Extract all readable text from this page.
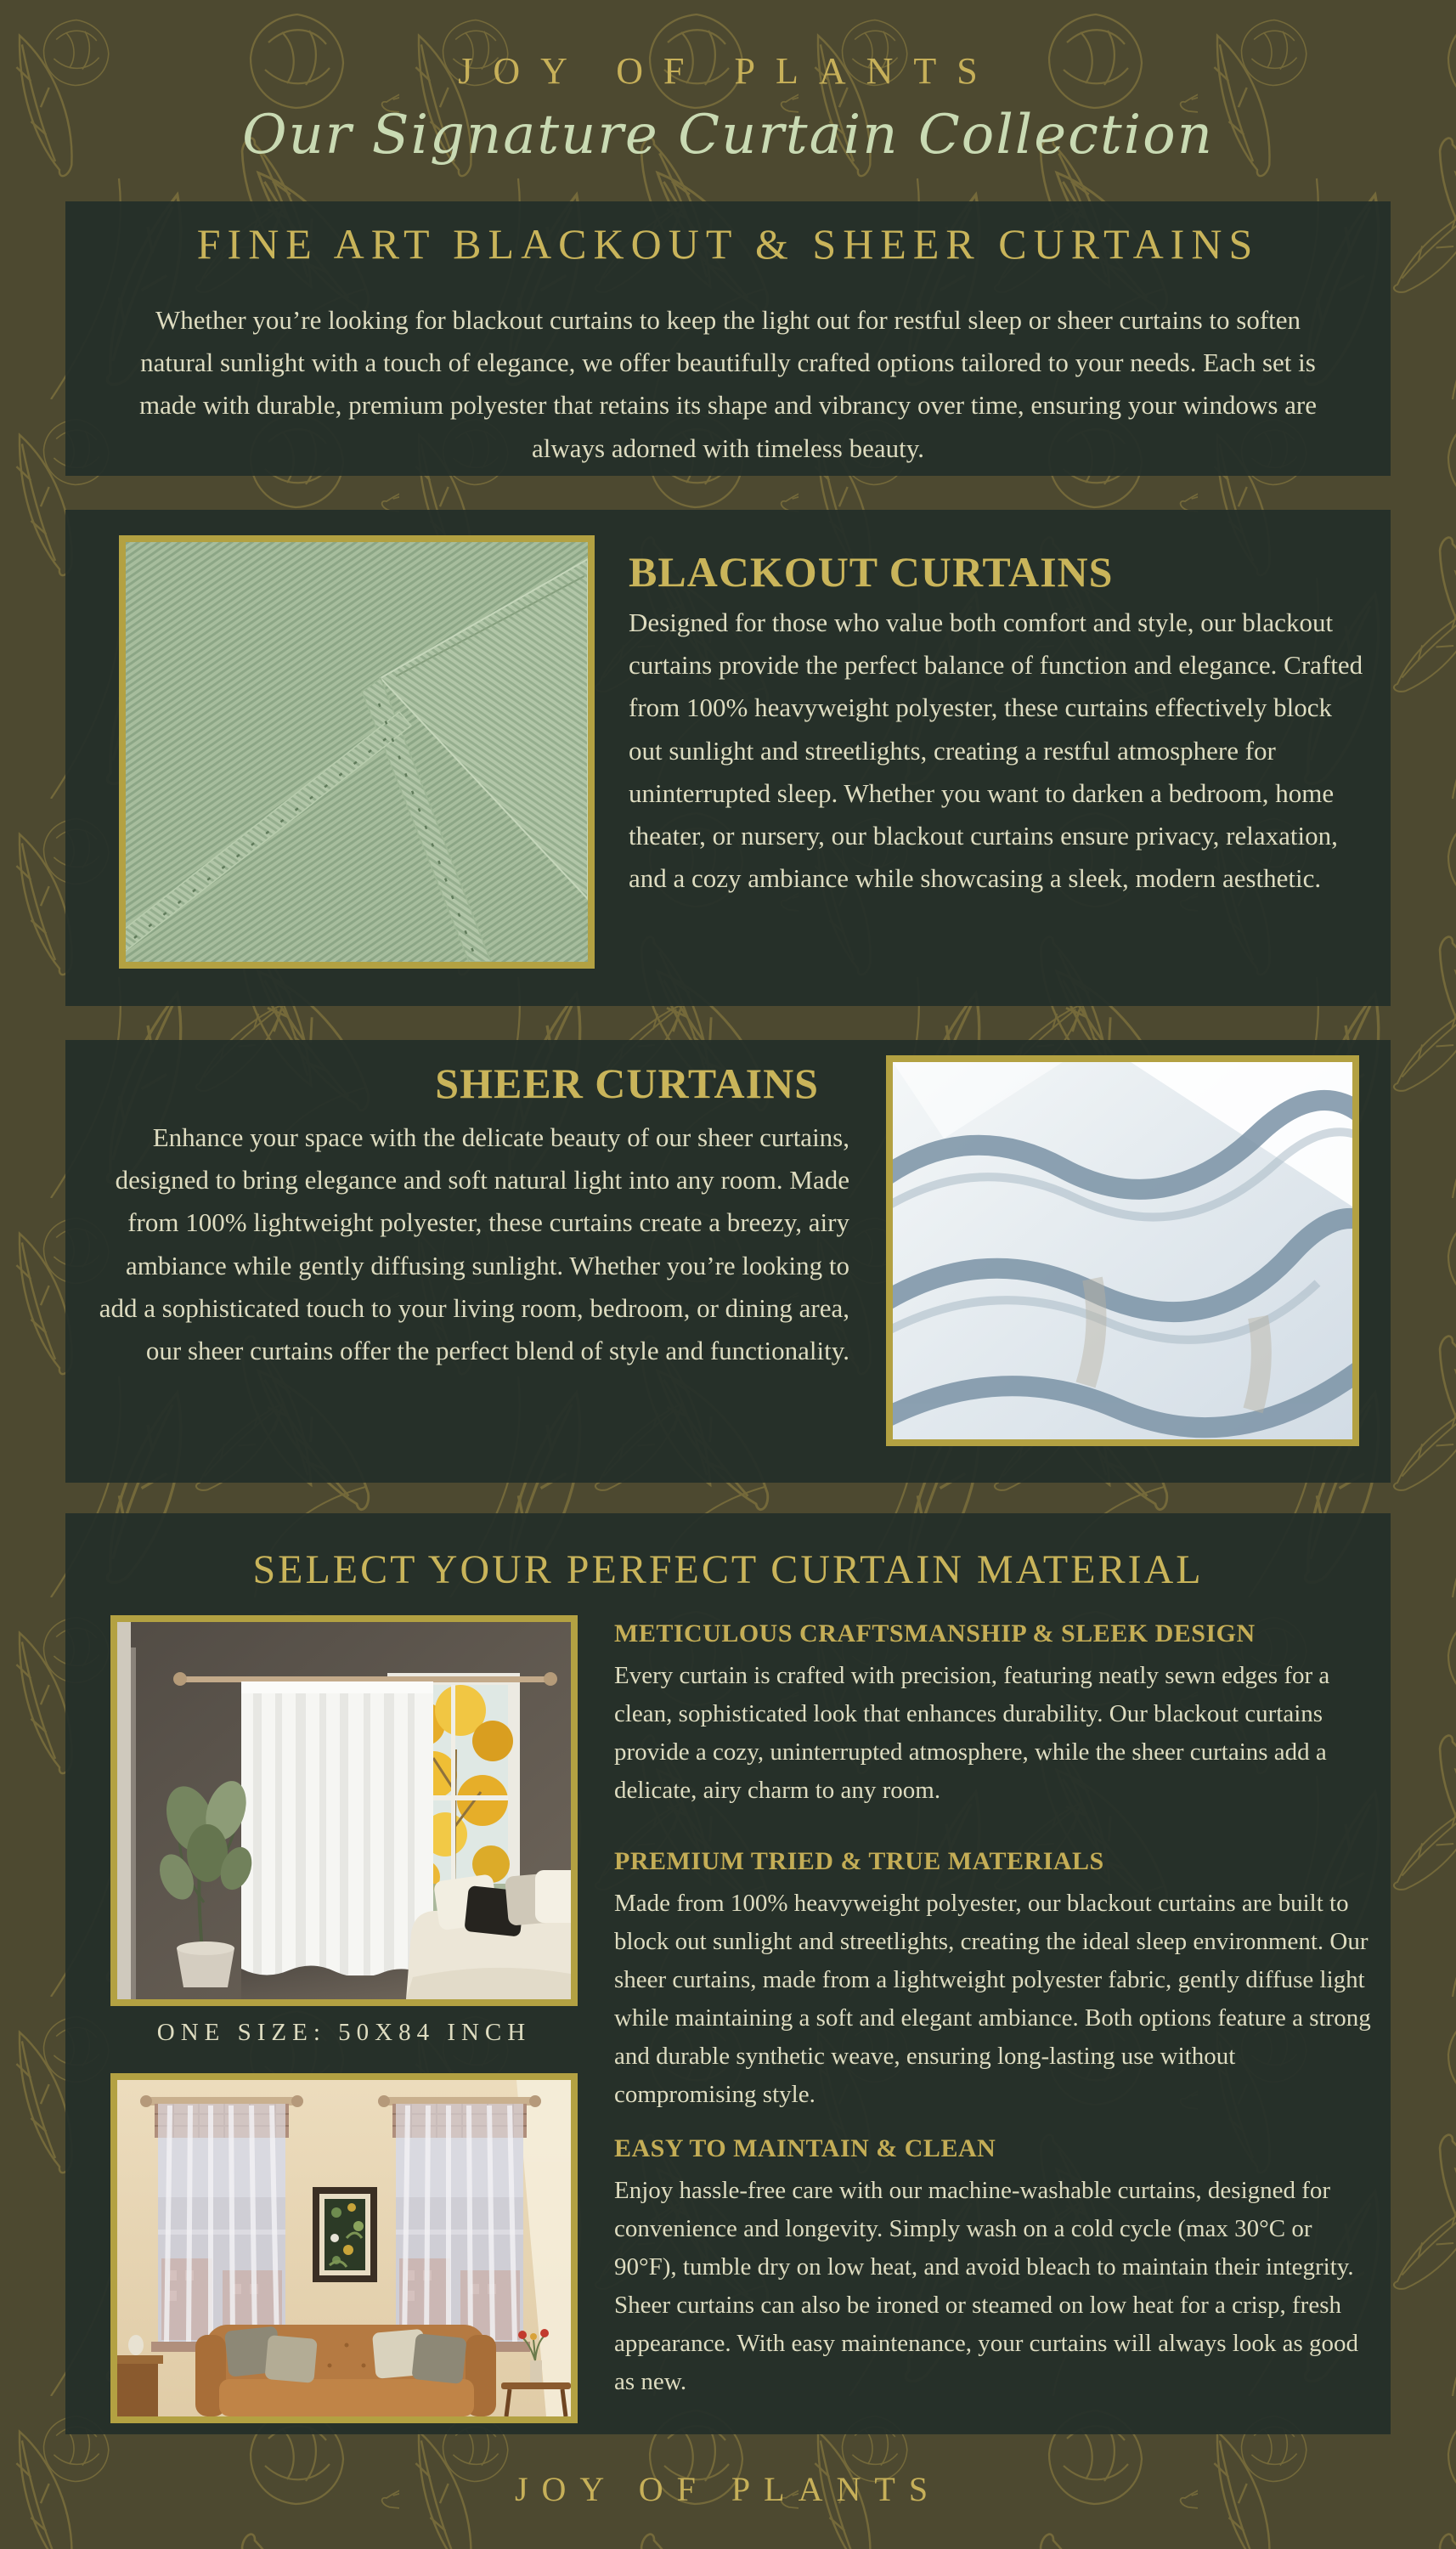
JOY OF PLANTS
Our Signature Curtain Collection
FINE ART BLACKOUT & SHEER CURTAINS
Whether you’re looking for blackout curtains to keep the light out for restful sleep or sheer curtains to soften natural sunlight with a touch of elegance, we offer beautifully crafted options tailored to your needs. Each set is made with durable, premium polyester that retains its shape and vibrancy over time, ensuring your windows are always adorned with timeless beauty.
BLACKOUT CURTAINS
Designed for those who value both comfort and style, our blackout curtains provide the perfect balance of function and elegance. Crafted from 100% heavyweight polyester, these curtains effectively block out sunlight and streetlights, creating a restful atmosphere for uninterrupted sleep. Whether you want to darken a bedroom, home theater, or nursery, our blackout curtains ensure privacy, relaxation, and a cozy ambiance while showcasing a sleek, modern aesthetic.
SHEER CURTAINS
Enhance your space with the delicate beauty of our sheer curtains, designed to bring elegance and soft natural light into any room. Made from 100% lightweight polyester, these curtains create a breezy, airy ambiance while gently diffusing sunlight. Whether you’re looking to add a sophisticated touch to your living room, bedroom, or dining area, our sheer curtains offer the perfect blend of style and functionality.
SELECT YOUR PERFECT CURTAIN MATERIAL
ONE SIZE: 50X84 INCH
METICULOUS CRAFTSMANSHIP & SLEEK DESIGN
Every curtain is crafted with precision, featuring neatly sewn edges for a clean, sophisticated look that enhances durability. Our blackout curtains provide a cozy, uninterrupted atmosphere, while the sheer curtains add a delicate, airy charm to any room.
PREMIUM TRIED & TRUE MATERIALS
Made from 100% heavyweight polyester, our blackout curtains are built to block out sunlight and streetlights, creating the ideal sleep environment. Our sheer curtains, made from a lightweight polyester fabric, gently diffuse light while maintaining a soft and elegant ambiance. Both options feature a strong and durable synthetic weave, ensuring long-lasting use without compromising style.
EASY TO MAINTAIN & CLEAN
Enjoy hassle-free care with our machine-washable curtains, designed for convenience and longevity. Simply wash on a cold cycle (max 30°C or 90°F), tumble dry on low heat, and avoid bleach to maintain their integrity. Sheer curtains can also be ironed or steamed on low heat for a crisp, fresh appearance. With easy maintenance, your curtains will always look as good as new.
JOY OF PLANTS
